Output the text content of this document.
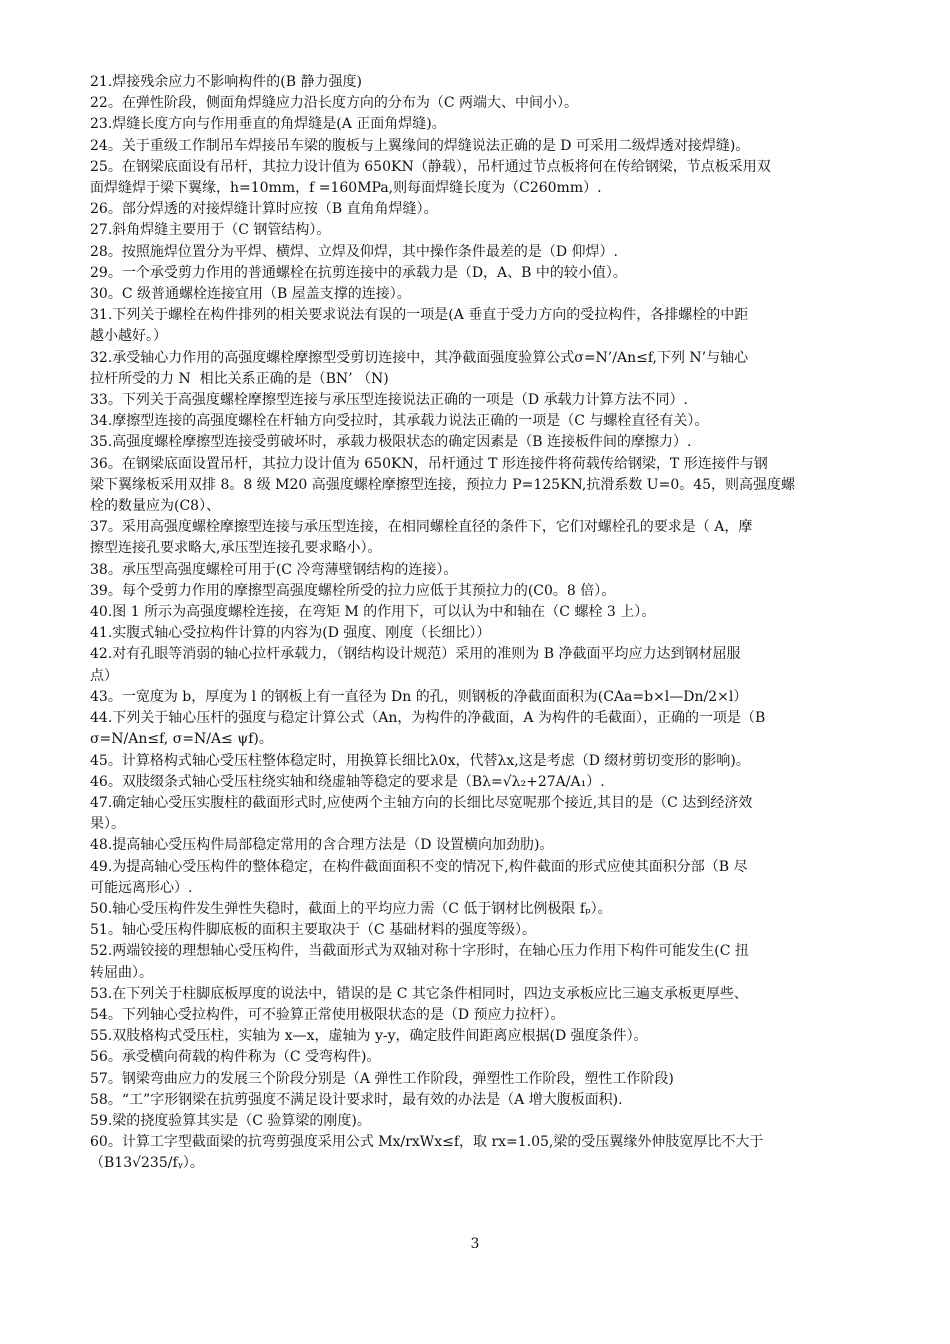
21.焊接残余应力不影响构件的(B 静力强度)

22。在弹性阶段，侧面角焊缝应力沿长度方向的分布为（C 两端大、中间小）。

23.焊缝长度方向与作用垂直的角焊缝是(A 正面角焊缝)。

24。关于重级工作制吊车焊接吊车梁的腹板与上翼缘间的焊缝说法正确的是 D 可采用二级焊透对接焊缝)。

25。在钢梁底面设有吊杆，其拉力设计值为 650KN（静载），吊杆通过节点板将何在传给钢梁，节点板采用双

面焊缝焊于梁下翼缘，h=10mm，f =160MPa,则每面焊缝长度为（C260mm）.

26。部分焊透的对接焊缝计算时应按（B 直角角焊缝）。

27.斜角焊缝主要用于（C 钢管结构）。

28。按照施焊位置分为平焊、横焊、立焊及仰焊，其中操作条件最差的是（D 仰焊）.

29。一个承受剪力作用的普通螺栓在抗剪连接中的承载力是（D，A、B 中的较小值）。

30。C 级普通螺栓连接宜用（B 屋盖支撑的连接）。

31.下列关于螺栓在构件排列的相关要求说法有误的一项是(A 垂直于受力方向的受拉构件，各排螺栓的中距

越小越好。）

32.承受轴心力作用的高强度螺栓摩擦型受剪切连接中，其净截面强度验算公式σ=N’/An≤f,下列 N’与轴心

拉杆所受的力 N  相比关系正确的是（BN’ （N)

33。下列关于高强度螺栓摩擦型连接与承压型连接说法正确的一项是（D 承载力计算方法不同）.

34.摩擦型连接的高强度螺栓在杆轴方向受拉时，其承载力说法正确的一项是（C 与螺栓直径有关）。

35.高强度螺栓摩擦型连接受剪破坏时，承载力极限状态的确定因素是（B 连接板件间的摩擦力）.

36。在钢梁底面设置吊杆，其拉力设计值为 650KN，吊杆通过 T 形连接件将荷载传给钢梁，T 形连接件与钢

梁下翼缘板采用双排 8。8 级 M20 高强度螺栓摩擦型连接，预拉力 P=125KN,抗滑系数 U=0。45，则高强度螺

栓的数量应为(C8）、

37。采用高强度螺栓摩擦型连接与承压型连接，在相同螺栓直径的条件下，它们对螺栓孔的要求是（ A，摩

擦型连接孔要求略大,承压型连接孔要求略小）。

38。承压型高强度螺栓可用于(C 冷弯薄壁钢结构的连接）。

39。每个受剪力作用的摩擦型高强度螺栓所受的拉力应低于其预拉力的(C0。8 倍）。

40.图 1 所示为高强度螺栓连接，在弯矩 M 的作用下，可以认为中和轴在（C 螺栓 3 上）。

41.实腹式轴心受拉构件计算的内容为(D 强度、刚度（长细比））

42.对有孔眼等消弱的轴心拉杆承载力，（钢结构设计规范）采用的准则为 B 净截面平均应力达到钢材屈服

点）

43。一宽度为 b，厚度为 l 的钢板上有一直径为 Dn 的孔，则钢板的净截面面积为(CAa=b×l—Dn/2×l）

44.下列关于轴心压杆的强度与稳定计算公式（An，为构件的净截面，A 为构件的毛截面），正确的一项是（B

σ=N/An≤f, σ=N/A≤ ψf)。

45。计算格构式轴心受压柱整体稳定时，用换算长细比λ0x，代替λx,这是考虑（D 缀材剪切变形的影响)。

46。双肢缀条式轴心受压柱绕实轴和绕虚轴等稳定的要求是（Bλ=√λ₂+27A/A₁）.

47.确定轴心受压实腹柱的截面形式时,应使两个主轴方向的长细比尽宽呢那个接近,其目的是（C 达到经济效

果）。

48.提高轴心受压构件局部稳定常用的含合理方法是（D 设置横向加劲肋)。

49.为提高轴心受压构件的整体稳定，在构件截面面积不变的情况下,构件截面的形式应使其面积分部（B 尽

可能远离形心）.

50.轴心受压构件发生弹性失稳时，截面上的平均应力需（C 低于钢材比例极限 fₚ）。

51。轴心受压构件脚底板的面积主要取决于（C 基础材料的强度等级）。

52.两端铰接的理想轴心受压构件，当截面形式为双轴对称十字形时，在轴心压力作用下构件可能发生(C 扭

转屈曲）。

53.在下列关于柱脚底板厚度的说法中，错误的是 C 其它条件相同时，四边支承板应比三遍支承板更厚些、

54。下列轴心受拉构件，可不验算正常使用极限状态的是（D 预应力拉杆）。

55.双肢格构式受压柱，实轴为 x—x，虚轴为 y-y，确定肢件间距离应根据(D 强度条件）。

56。承受横向荷载的构件称为（C 受弯构件)。

57。钢梁弯曲应力的发展三个阶段分别是（A 弹性工作阶段，弹塑性工作阶段，塑性工作阶段)

58。“工”字形钢梁在抗剪强度不满足设计要求时，最有效的办法是（A 增大腹板面积).

59.梁的挠度验算其实是（C 验算梁的刚度)。

60。计算工字型截面梁的抗弯剪强度采用公式 Mx/rxWx≤f，取 rx=1.05,梁的受压翼缘外伸肢宽厚比不大于

（B13√235/fᵧ）。

3
